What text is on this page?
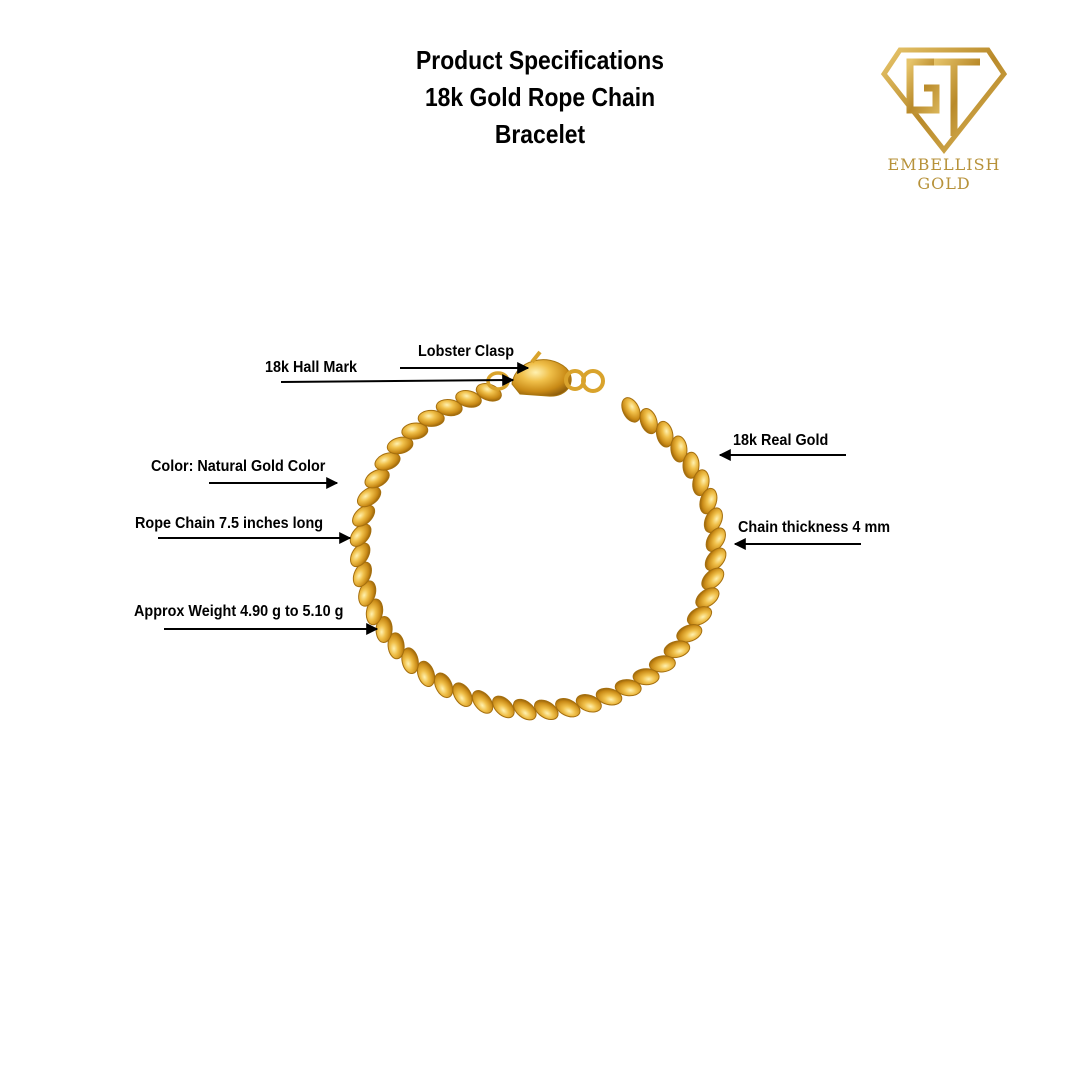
Product Specifications
18k Gold Rope Chain
Bracelet
EMBELLISH
GOLD
Lobster Clasp
18k Hall Mark
18k Real Gold
Color: Natural Gold Color
Rope Chain 7.5 inches long	Chain thickness 4 mm
Approx Weight 4.90 g to 5.10 g
